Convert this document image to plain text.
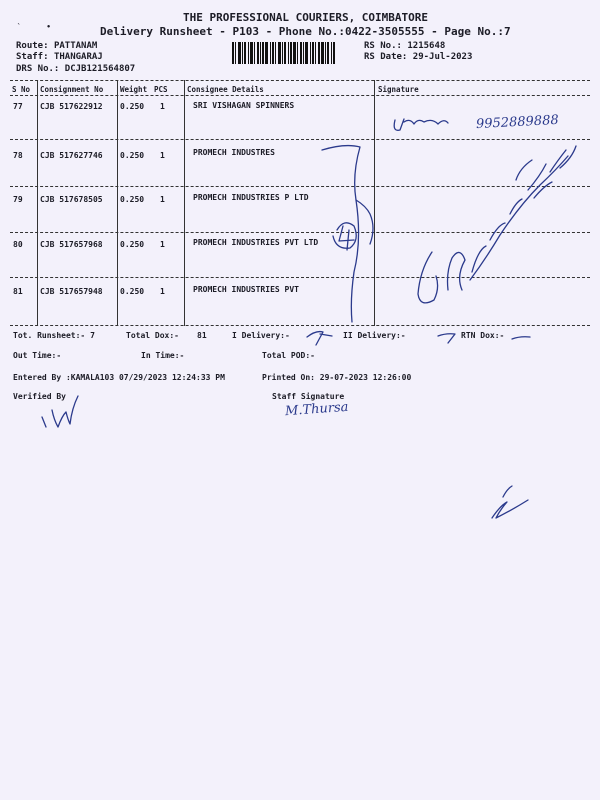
THE PROFESSIONAL COURIERS, COIMBATORE
Delivery Runsheet - P103 - Phone No.:0422-3505555 - Page No.:7
`      •
Route: PATTANAM
Staff: THANGARAJ
DRS No.: DCJB121564807
RS No.: 1215648
RS Date: 29-Jul-2023
S No Consignment No Weight PCS	Consignee Details	Signature
77 CJB 517622912 0.250 1	SRI VISHAGAN SPINNERS
78 CJB 517627746 0.250 1	PROMECH INDUSTRES
79 CJB 517678505 0.250 1	PROMECH INDUSTRIES P LTD
80 CJB 517657968 0.250 1	PROMECH INDUSTRIES PVT LTD
81 CJB 517657948 0.250 1	PROMECH INDUSTRIES PVT
Tot. Runsheet:- 7	Total Dox:- 81	I Delivery:-	II Delivery:-	RTN Dox:-
Out Time:-	In Time:-	Total POD:-
Entered By :KAMALA103 07/29/2023 12:24:33 PM	Printed On: 29-07-2023 12:26:00
Verified By	Staff Signature
9952889888
M.Thursa
